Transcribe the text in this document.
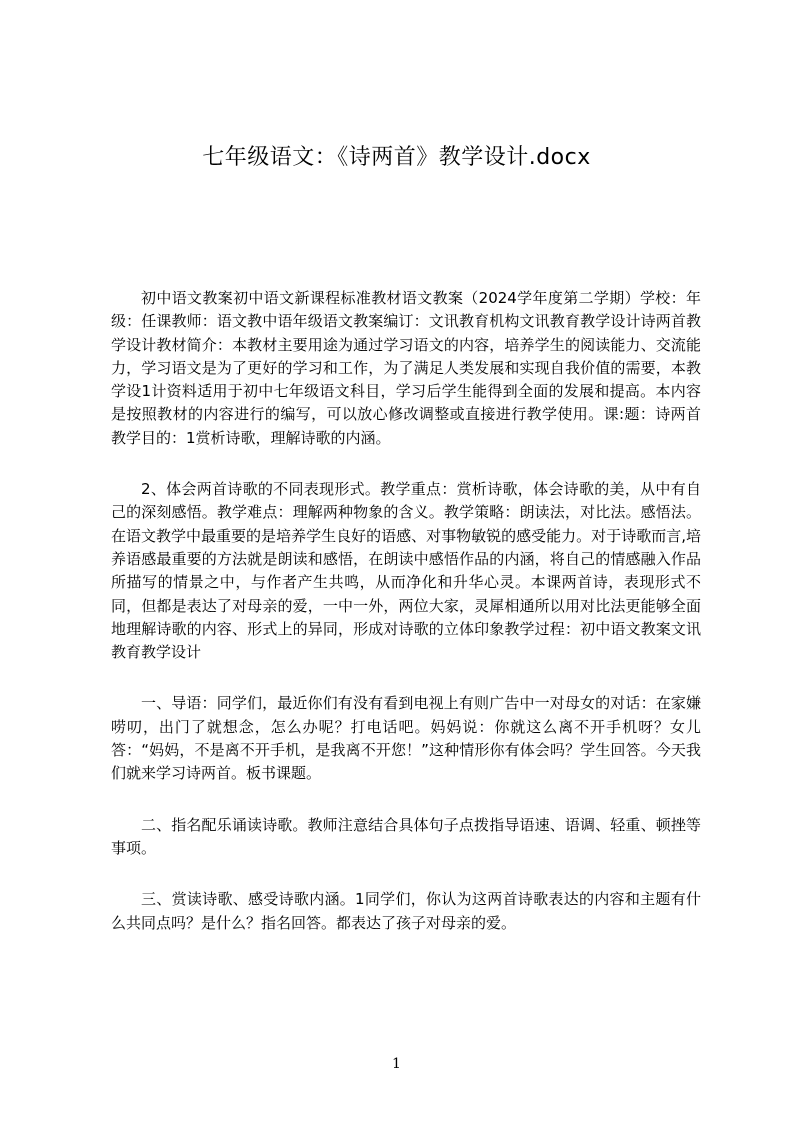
七年级语文：《诗两首》教学设计.docx

初中语文教案初中语文新课程标准教材语文教案（2024学年度第二学期）学校：年级：任课教师：语文教中语年级语文教案编订：文讯教育机构文讯教育教学设计诗两首教学设计教材简介：本教材主要用途为通过学习语文的内容，培养学生的阅读能力、交流能力，学习语文是为了更好的学习和工作，为了满足人类发展和实现自我价值的需要，本教学设1计资料适用于初中七年级语文科目，学习后学生能得到全面的发展和提高。本内容是按照教材的内容进行的编写，可以放心修改调整或直接进行教学使用。课:题：诗两首教学目的：1赏析诗歌，理解诗歌的内涵。

2、体会两首诗歌的不同表现形式。教学重点：赏析诗歌，体会诗歌的美，从中有自己的深刻感悟。教学难点：理解两种物象的含义。教学策略：朗读法，对比法。感悟法。在语文教学中最重要的是培养学生良好的语感、对事物敏锐的感受能力。对于诗歌而言,培养语感最重要的方法就是朗读和感悟，在朗读中感悟作品的内涵，将自己的情感融入作品所描写的情景之中，与作者产生共鸣，从而净化和升华心灵。本课两首诗，表现形式不同，但都是表达了对母亲的爱，一中一外，两位大家，灵犀相通所以用对比法更能够全面地理解诗歌的内容、形式上的异同，形成对诗歌的立体印象教学过程：初中语文教案文讯教育教学设计

一、导语：同学们，最近你们有没有看到电视上有则广告中一对母女的对话：在家嫌唠叨，出门了就想念，怎么办呢？打电话吧。妈妈说：你就这么离不开手机呀？女儿答：“妈妈，不是离不开手机，是我离不开您！”这种情形你有体会吗？学生回答。今天我们就来学习诗两首。板书课题。

二、指名配乐诵读诗歌。教师注意结合具体句子点拨指导语速、语调、轻重、顿挫等事项。

三、赏读诗歌、感受诗歌内涵。1同学们，你认为这两首诗歌表达的内容和主题有什么共同点吗？是什么？指名回答。都表达了孩子对母亲的爱。

1
